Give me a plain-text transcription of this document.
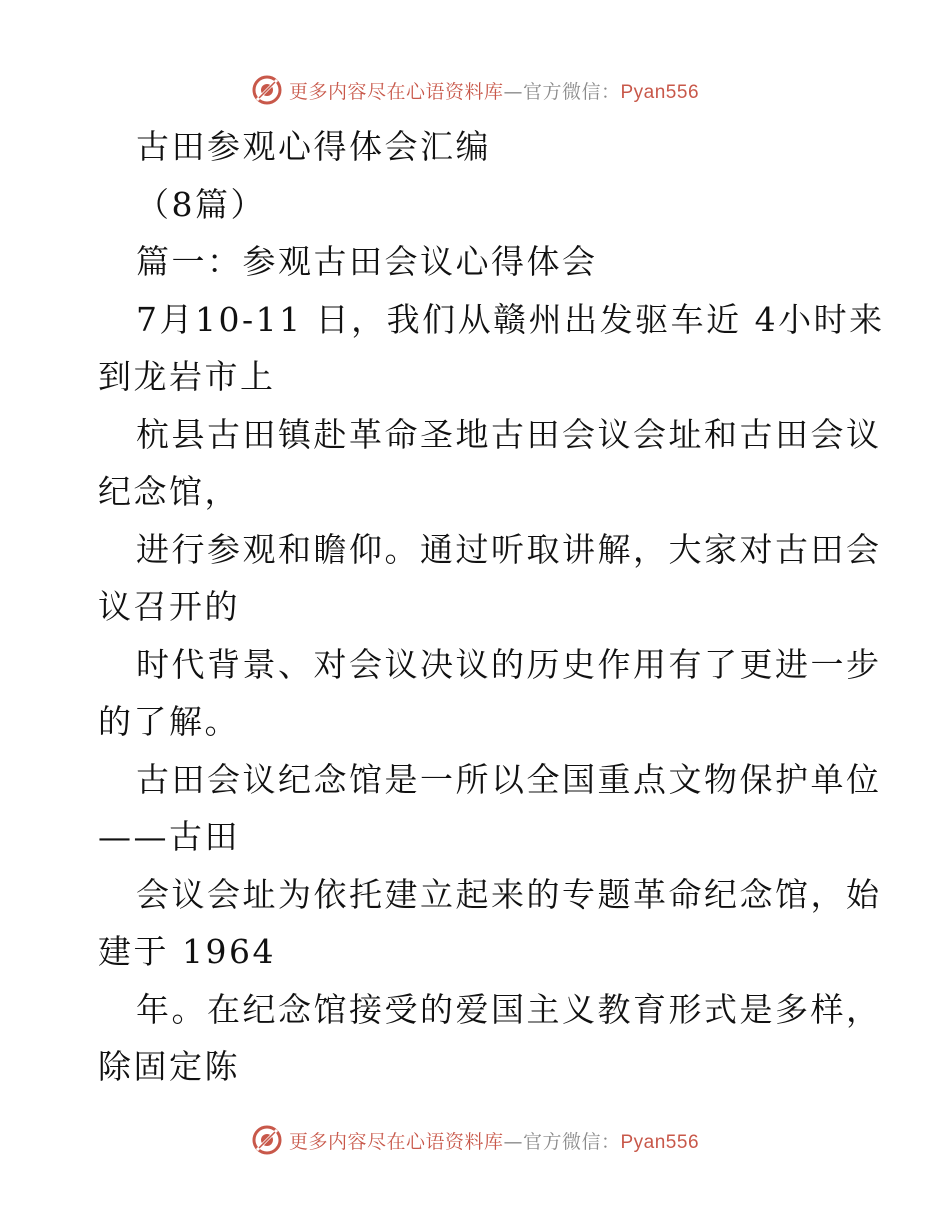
更多内容尽在心语资料库—官方微信：Pyan556
古田参观心得体会汇编
（8篇）
篇一：参观古田会议心得体会
7月10-11 日，我们从赣州出发驱车近 4小时来
到龙岩市上
杭县古田镇赴革命圣地古田会议会址和古田会议
纪念馆，
进行参观和瞻仰。通过听取讲解，大家对古田会
议召开的
时代背景、对会议决议的历史作用有了更进一步
的了解。
古田会议纪念馆是一所以全国重点文物保护单位
——古田
会议会址为依托建立起来的专题革命纪念馆，始
建于 1964
年。在纪念馆接受的爱国主义教育形式是多样，
除固定陈
更多内容尽在心语资料库—官方微信：Pyan556
